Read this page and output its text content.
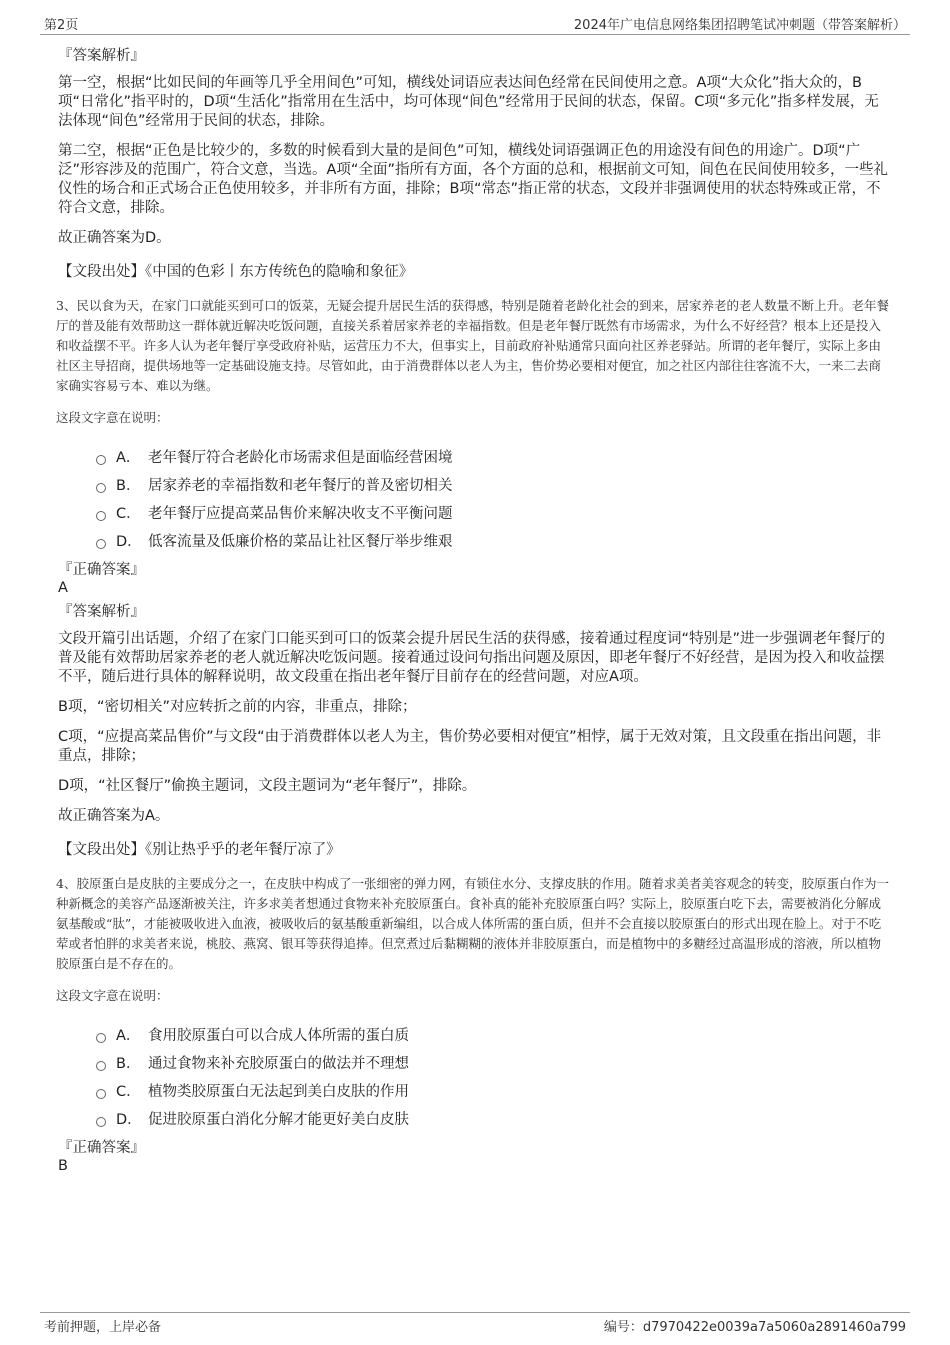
第2页	2024年广电信息网络集团招聘笔试冲刺题（带答案解析）
『答案解析』

第一空，根据“比如民间的年画等几乎全用间色”可知，横线处词语应表达间色经常在民间使用之意。A项“大众化”指大众的，B项“日常化”指平时的，D项“生活化”指常用在生活中，均可体现“间色”经常用于民间的状态，保留。C项“多元化”指多样发展，无法体现“间色”经常用于民间的状态，排除。

第二空，根据“正色是比较少的，多数的时候看到大量的是间色”可知，横线处词语强调正色的用途没有间色的用途广。D项“广泛”形容涉及的范围广，符合文意，当选。A项“全面”指所有方面，各个方面的总和，根据前文可知，间色在民间使用较多，一些礼仪性的场合和正式场合正色使用较多，并非所有方面，排除；B项“常态”指正常的状态，文段并非强调使用的状态特殊或正常，不符合文意，排除。

故正确答案为D。

【文段出处】《中国的色彩丨东方传统色的隐喻和象征》
3、民以食为天，在家门口就能买到可口的饭菜，无疑会提升居民生活的获得感，特别是随着老龄化社会的到来，居家养老的老人数量不断上升。老年餐厅的普及能有效帮助这一群体就近解决吃饭问题，直接关系着居家养老的幸福指数。但是老年餐厅既然有市场需求，为什么不好经营？根本上还是投入和收益摆不平。许多人认为老年餐厅享受政府补贴，运营压力不大，但事实上，目前政府补贴通常只面向社区养老驿站。所谓的老年餐厅，实际上多由社区主导招商，提供场地等一定基础设施支持。尽管如此，由于消费群体以老人为主，售价势必要相对便宜，加之社区内部往往客流不大，一来二去商家确实容易亏本、难以为继。
这段文字意在说明：
A． 老年餐厅符合老龄化市场需求但是面临经营困境
B． 居家养老的幸福指数和老年餐厅的普及密切相关
C． 老年餐厅应提高菜品售价来解决收支不平衡问题
D． 低客流量及低廉价格的菜品让社区餐厅举步维艰
『正确答案』
A
『答案解析』

文段开篇引出话题，介绍了在家门口能买到可口的饭菜会提升居民生活的获得感，接着通过程度词“特别是”进一步强调老年餐厅的普及能有效帮助居家养老的老人就近解决吃饭问题。接着通过设问句指出问题及原因，即老年餐厅不好经营，是因为投入和收益摆不平，随后进行具体的解释说明，故文段重在指出老年餐厅目前存在的经营问题，对应A项。

B项，“密切相关”对应转折之前的内容，非重点，排除；

C项，“应提高菜品售价”与文段“由于消费群体以老人为主，售价势必要相对便宜”相悖，属于无效对策，且文段重在指出问题，非重点，排除；

D项，“社区餐厅”偷换主题词，文段主题词为“老年餐厅”，排除。

故正确答案为A。

【文段出处】《别让热乎乎的老年餐厅凉了》
4、胶原蛋白是皮肤的主要成分之一，在皮肤中构成了一张细密的弹力网，有锁住水分、支撑皮肤的作用。随着求美者美容观念的转变，胶原蛋白作为一种新概念的美容产品逐渐被关注，许多求美者想通过食物来补充胶原蛋白。食补真的能补充胶原蛋白吗？实际上，胶原蛋白吃下去，需要被消化分解成氨基酸或“肽”，才能被吸收进入血液，被吸收后的氨基酸重新编组，以合成人体所需的蛋白质，但并不会直接以胶原蛋白的形式出现在脸上。对于不吃荤或者怕胖的求美者来说，桃胶、燕窝、银耳等获得追捧。但烹煮过后黏糊糊的液体并非胶原蛋白，而是植物中的多糖经过高温形成的溶液，所以植物胶原蛋白是不存在的。
这段文字意在说明：
A． 食用胶原蛋白可以合成人体所需的蛋白质
B． 通过食物来补充胶原蛋白的做法并不理想
C． 植物类胶原蛋白无法起到美白皮肤的作用
D． 促进胶原蛋白消化分解才能更好美白皮肤
『正确答案』
B
考前押题，上岸必备	编号：d7970422e0039a7a5060a2891460a799
